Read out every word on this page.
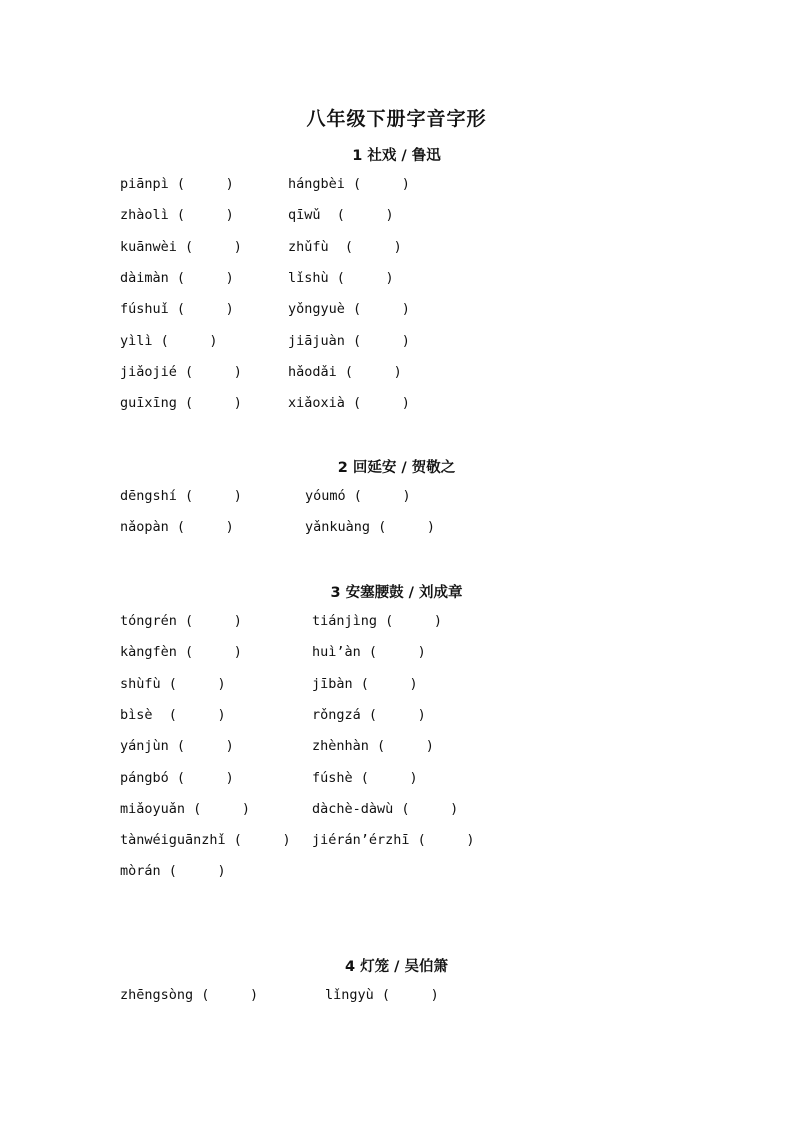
八年级下册字音字形
1 社戏 / 鲁迅
piānpì (     )	hángbèi (     )
zhàolì (     )	qīwǔ  (     )
kuānwèi (     )	zhǔfù  (     )
dàimàn (     )	lǐshù (     )
fúshuǐ (     )	yǒngyuè (     )
yìlì (     )	jiājuàn (     )
jiǎojié (     )	hǎodǎi (     )
guīxīng (     )	xiǎoxià (     )
2 回延安 / 贺敬之
dēngshí (     )	yóumó (     )
nǎopàn (     )	yǎnkuàng (     )
3 安塞腰鼓 / 刘成章
tóngrén (     )	tiánjìng (     )
kàngfèn (     )	huì’àn (     )
shùfù (     )	jībàn (     )
bìsè  (     )	rǒngzá (     )
yánjùn (     )	zhènhàn (     )
pángbó (     )	fúshè (     )
miǎoyuǎn (     )	dàchè-dàwù (     )
tànwéiguānzhǐ (     ) jiérán’érzhī (     )
mòrán (     )
4 灯笼 / 吴伯箫
zhēngsòng (     )	lǐngyù (     )
